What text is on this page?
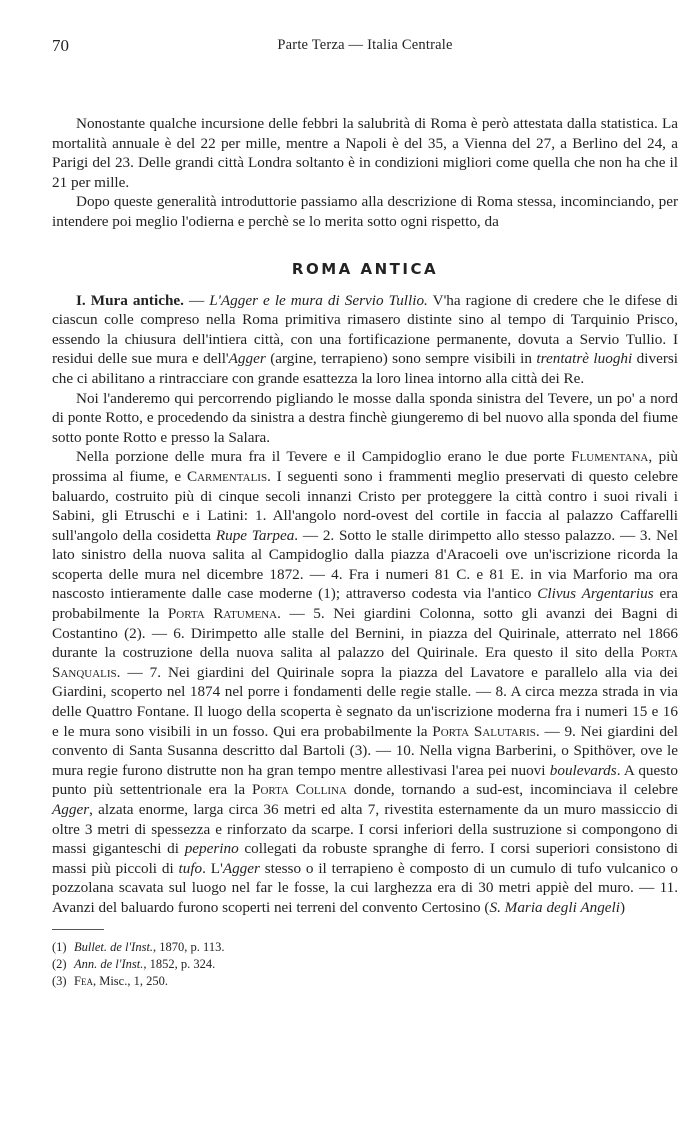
70	Parte Terza — Italia Centrale

Nonostante qualche incursione delle febbri la salubrità di Roma è però attestata dalla statistica. La mortalità annuale è del 22 per mille, mentre a Napoli è del 35, a Vienna del 27, a Berlino del 24, a Parigi del 23. Delle grandi città Londra soltanto è in condizioni migliori come quella che non ha che il 21 per mille.

Dopo queste generalità introduttorie passiamo alla descrizione di Roma stessa, incominciando, per intendere poi meglio l'odierna e perchè se lo merita sotto ogni rispetto, da

ROMA ANTICA

I. Mura antiche. — L'Agger e le mura di Servio Tullio. V'ha ragione di credere che le difese di ciascun colle compreso nella Roma primitiva rimasero distinte sino al tempo di Tarquinio Prisco, essendo la chiusura dell'intiera città, con una fortificazione permanente, dovuta a Servio Tullio. I residui delle sue mura e dell'Agger (argine, terrapieno) sono sempre visibili in trentatrè luoghi diversi che ci abilitano a rintracciare con grande esattezza la loro linea intorno alla città dei Re.

Noi l'anderemo qui percorrendo pigliando le mosse dalla sponda sinistra del Tevere, un po' a nord di ponte Rotto, e procedendo da sinistra a destra finchè giungeremo di bel nuovo alla sponda del fiume sotto ponte Rotto e presso la Salara.

Nella porzione delle mura fra il Tevere e il Campidoglio erano le due porte Flumentana, più prossima al fiume, e Carmentalis. I seguenti sono i frammenti meglio preservati di questo celebre baluardo, costruito più di cinque secoli innanzi Cristo per proteggere la città contro i suoi rivali i Sabini, gli Etruschi e i Latini: 1. All'angolo nord-ovest del cortile in faccia al palazzo Caffarelli sull'angolo della cosidetta Rupe Tarpea. — 2. Sotto le stalle dirimpetto allo stesso palazzo. — 3. Nel lato sinistro della nuova salita al Campidoglio dalla piazza d'Aracoeli ove un'iscrizione ricorda la scoperta delle mura nel dicembre 1872. — 4. Fra i numeri 81 C. e 81 E. in via Marforio ma ora nascosto intieramente dalle case moderne (1); attraverso codesta via l'antico Clivus Argentarius era probabilmente la Porta Ratumena. — 5. Nei giardini Colonna, sotto gli avanzi dei Bagni di Costantino (2). — 6. Dirimpetto alle stalle del Bernini, in piazza del Quirinale, atterrato nel 1866 durante la costruzione della nuova salita al palazzo del Quirinale. Era questo il sito della Porta Sanqualis. — 7. Nei giardini del Quirinale sopra la piazza del Lavatore e parallelo alla via dei Giardini, scoperto nel 1874 nel porre i fondamenti delle regie stalle. — 8. A circa mezza strada in via delle Quattro Fontane. Il luogo della scoperta è segnato da un'iscrizione moderna fra i numeri 15 e 16 e le mura sono visibili in un fosso. Qui era probabilmente la Porta Salutaris. — 9. Nei giardini del convento di Santa Susanna descritto dal Bartoli (3). — 10. Nella vigna Barberini, o Spithöver, ove le mura regie furono distrutte non ha gran tempo mentre allestivasi l'area pei nuovi boulevards. A questo punto più settentrionale era la Porta Collina donde, tornando a sud-est, incominciava il celebre Agger, alzata enorme, larga circa 36 metri ed alta 7, rivestita esternamente da un muro massiccio di oltre 3 metri di spessezza e rinforzato da scarpe. I corsi inferiori della sustruzione si compongono di massi giganteschi di peperino collegati da robuste spranghe di ferro. I corsi superiori consistono di massi più piccoli di tufo. L'Agger stesso o il terrapieno è composto di un cumulo di tufo vulcanico o pozzolana scavata sul luogo nel far le fosse, la cui larghezza era di 30 metri appiè del muro. — 11. Avanzi del baluardo furono scoperti nei terreni del convento Certosino (S. Maria degli Angeli)

(1) Bullet. de l'Inst., 1870, p. 113.

(2) Ann. de l'Inst., 1852, p. 324.

(3) Fea, Misc., 1, 250.
